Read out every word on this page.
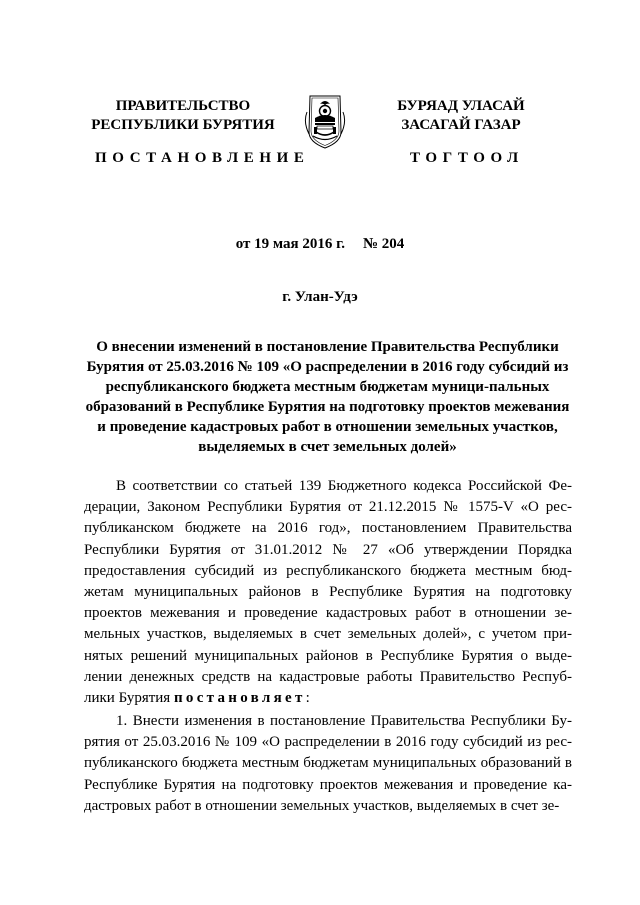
ПРАВИТЕЛЬСТВО
РЕСПУБЛИКИ БУРЯТИЯ
БУРЯАД УЛАСАЙ
ЗАСАГАЙ ГАЗАР
ПОСТАНОВЛЕНИЕ	ТОГТООЛ
от 19 мая 2016 г. № 204
г. Улан-Удэ
О внесении изменений в постановление Правительства Республики Бурятия от 25.03.2016 № 109 «О распределении в 2016 году субсидий из республиканского бюджета местным бюджетам муници-пальных образований в Республике Бурятия на подготовку проектов межевания и проведение кадастровых работ в отношении земельных участков, выделяемых в счет земельных долей»
В соответствии со статьей 139 Бюджетного кодекса Российской Фе-дерации, Законом Республики Бурятия от 21.12.2015 № 1575-V «О рес-публиканском бюджете на 2016 год», постановлением Правительства Республики Бурятия от 31.01.2012 № 27 «Об утверждении Порядка предоставления субсидий из республиканского бюджета местным бюд-жетам муниципальных районов в Республике Бурятия на подготовку проектов межевания и проведение кадастровых работ в отношении зе-мельных участков, выделяемых в счет земельных долей», с учетом при-нятых решений муниципальных районов в Республике Бурятия о выде-лении денежных средств на кадастровые работы Правительство Респуб-лики Бурятия постановляет:
1. Внести изменения в постановление Правительства Республики Бу-рятия от 25.03.2016 № 109 «О распределении в 2016 году субсидий из рес-публиканского бюджета местным бюджетам муниципальных образований в Республике Бурятия на подготовку проектов межевания и проведение ка-дастровых работ в отношении земельных участков, выделяемых в счет зе-
